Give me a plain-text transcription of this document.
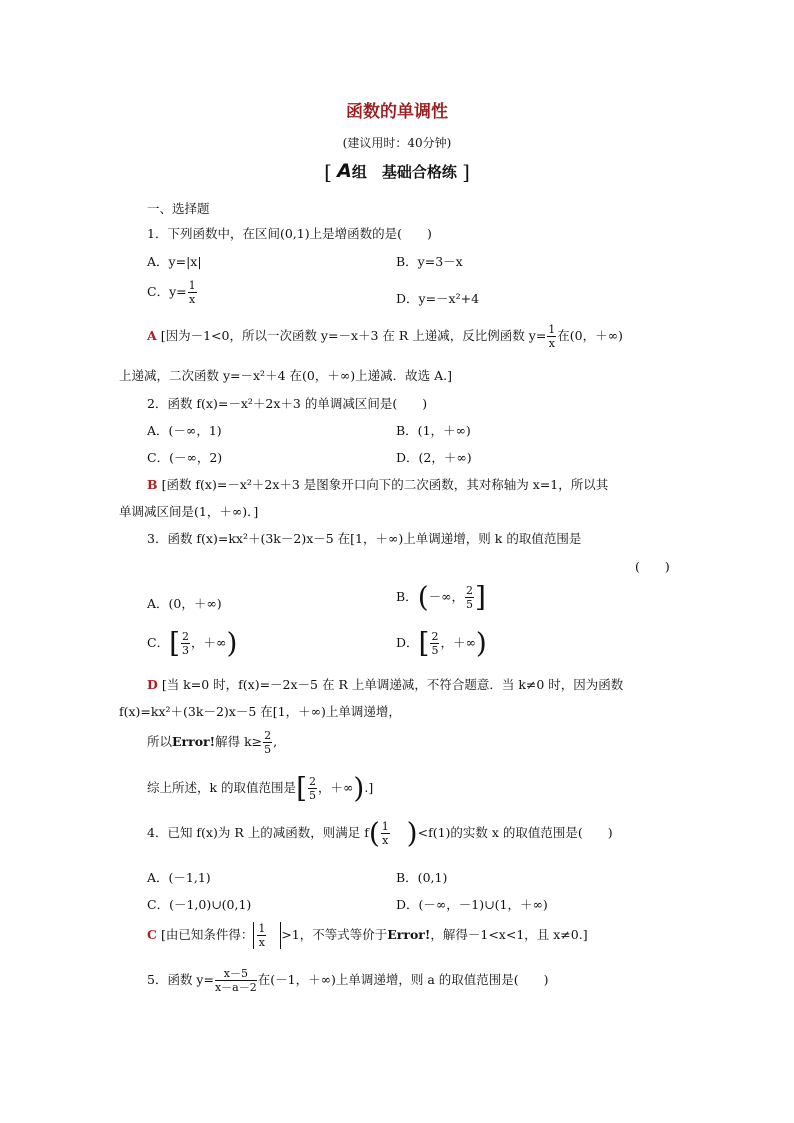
函数的单调性
(建议用时：40分钟)
[ A组　基础合格练 ]
一、选择题
1．下列函数中，在区间(0,1)上是增函数的是(　　)
A．y=|x|	B．y=3－x
C．$y= \frac{1}{x}$	D．y=－x²+4
A [因为－1<0，所以一次函数 y=－x＋3 在 R 上递减，反比例函数 $y= \frac{1}{x}$ 在(0，＋∞)
上递减，二次函数 y=－x²＋4 在(0，＋∞)上递减．故选 A.]
2．函数 f(x)=－x²＋2x＋3 的单调减区间是(　　)
A．(－∞，1)	B．(1，＋∞)
C．(－∞，2)	D．(2，＋∞)
B [函数 f(x)=－x²＋2x＋3 是图象开口向下的二次函数，其对称轴为 x=1，所以其
单调减区间是(1，＋∞)．]
3．函数 f(x)=kx²＋(3k－2)x－5 在[1，＋∞)上单调递增，则 k 的取值范围是
(　　)
A．(0，＋∞)	B．(－∞， $\frac{2}{5}$ ]
C．[ $\frac{2}{3}$ ，＋∞)	D．[ $\frac{2}{5}$ ，＋∞)
D [当 k=0 时，f(x)=－2x－5 在 R 上单调递减，不符合题意．当 k≠0 时，因为函数
f(x)=kx²＋(3k－2)x－5 在[1，＋∞)上单调递增，
所以Error!解得 $k\ge \frac{2}{5}$ ,
综上所述，k 的取值范围是[ $\frac{2}{5}$ ，＋∞).]
4．已知 f(x)为 R 上的减函数，则满足 $f( \frac{1}{x} )<f(1)$的实数 x 的取值范围是(　　)
A．(－1,1)	B．(0,1)
C．(－1,0)∪(0,1)	D．(－∞，－1)∪(1，＋∞)
C [由已知条件得： $\frac{1}{x} >1$，不等式等价于Error!，解得－1<x<1，且 x≠0.]
5．函数 $y= \frac{x-5}{x-a-2}$ 在(－1，＋∞)上单调递增，则 a 的取值范围是(　　)
